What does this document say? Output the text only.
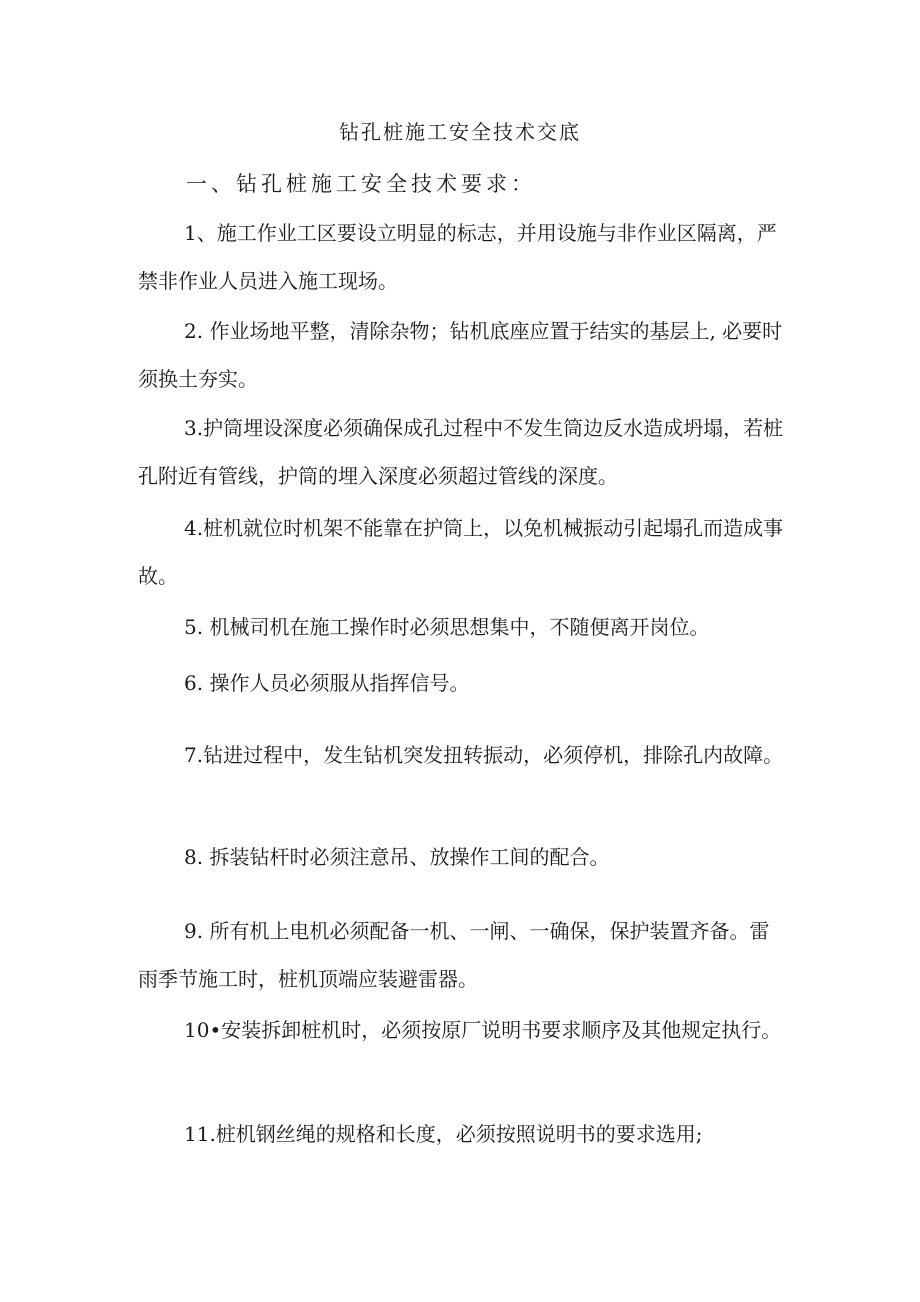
钻孔桩施工安全技术交底
一、钻孔桩施工安全技术要求：

1、施工作业工区要设立明显的标志，并用设施与非作业区隔离，严禁非作业人员进入施工现场。

2. 作业场地平整，清除杂物；钻机底座应置于结实的基层上, 必要时须换土夯实。

3.护筒埋设深度必须确保成孔过程中不发生筒边反水造成坍塌，若桩孔附近有管线，护筒的埋入深度必须超过管线的深度。

4.桩机就位时机架不能靠在护筒上，以免机械振动引起塌孔而造成事故。

5. 机械司机在施工操作时必须思想集中，不随便离开岗位。

6. 操作人员必须服从指挥信号。

7.钻进过程中，发生钻机突发扭转振动，必须停机，排除孔内故障。

8. 拆装钻杆时必须注意吊、放操作工间的配合。

9. 所有机上电机必须配备一机、一闸、一确保，保护装置齐备。雷雨季节施工时，桩机顶端应装避雷器。

10•安装拆卸桩机时，必须按原厂说明书要求顺序及其他规定执行。

11.桩机钢丝绳的规格和长度，必须按照说明书的要求选用;
